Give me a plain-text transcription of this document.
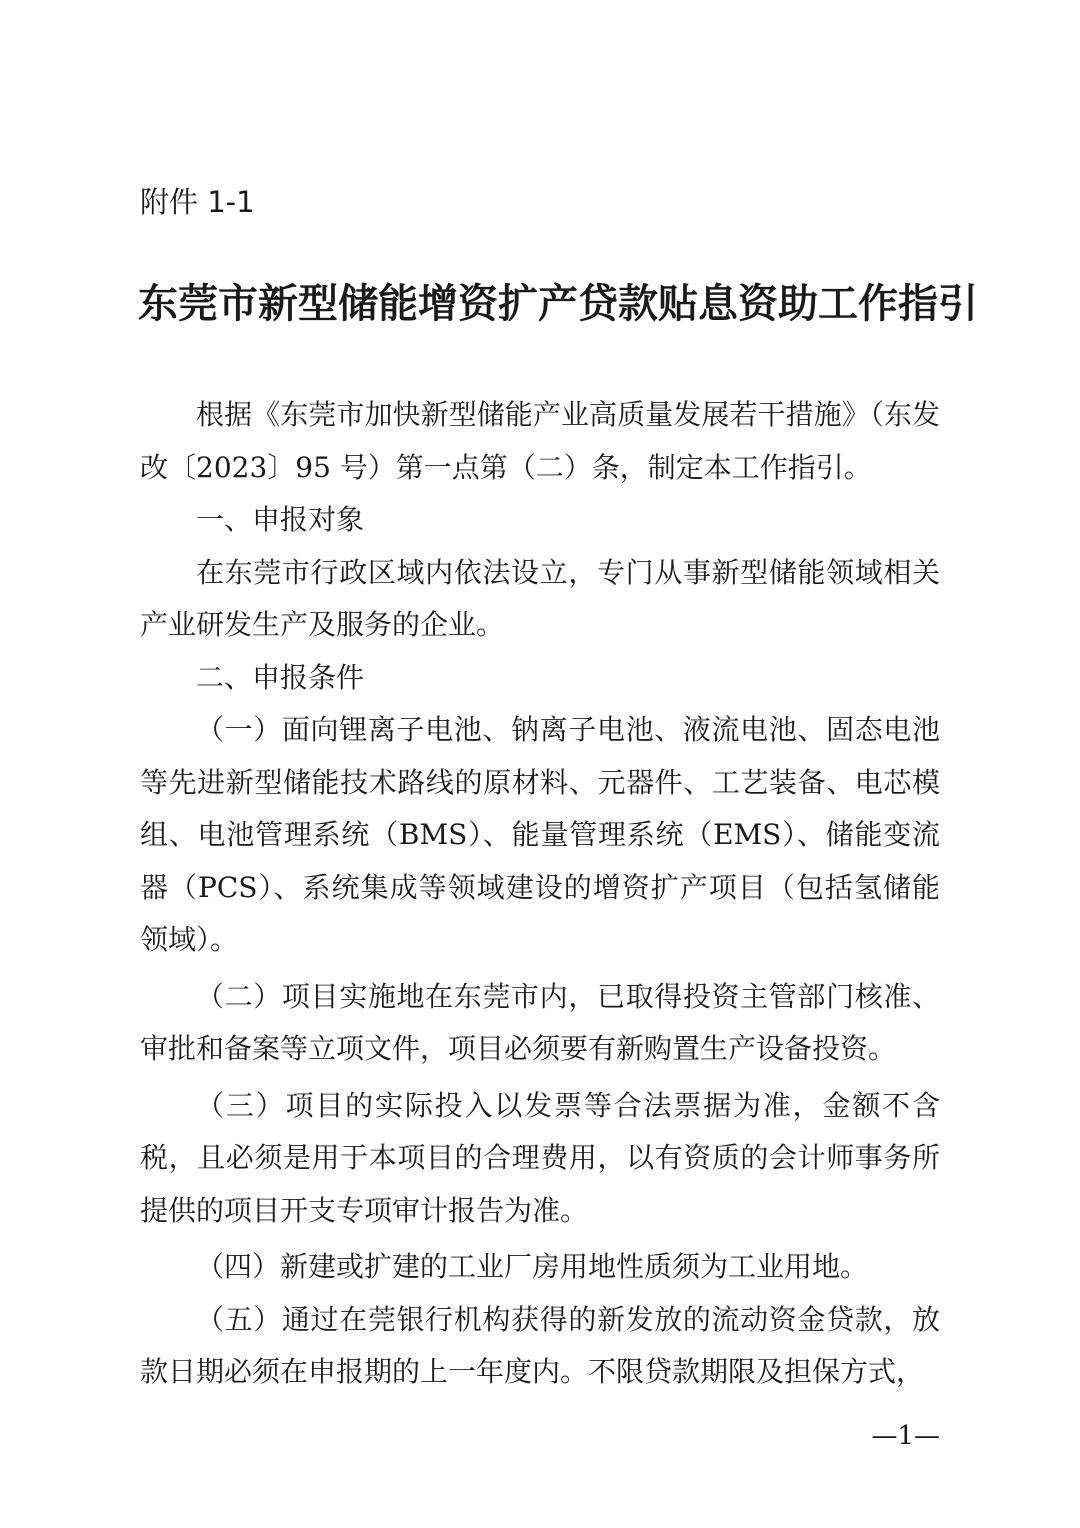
附件 1-1

东莞市新型储能增资扩产贷款贴息资助工作指引

根据《东莞市加快新型储能产业高质量发展若干措施》（东发改〔2023〕95 号）第一点第（二）条，制定本工作指引。

一、申报对象

在东莞市行政区域内依法设立，专门从事新型储能领域相关产业研发生产及服务的企业。

二、申报条件

（一）面向锂离子电池、钠离子电池、液流电池、固态电池等先进新型储能技术路线的原材料、元器件、工艺装备、电芯模组、电池管理系统（BMS）、能量管理系统（EMS）、储能变流器（PCS）、系统集成等领域建设的增资扩产项目（包括氢储能领域）。

（二）项目实施地在东莞市内，已取得投资主管部门核准、审批和备案等立项文件，项目必须要有新购置生产设备投资。

（三）项目的实际投入以发票等合法票据为准，金额不含税，且必须是用于本项目的合理费用，以有资质的会计师事务所提供的项目开支专项审计报告为准。

（四）新建或扩建的工业厂房用地性质须为工业用地。

（五）通过在莞银行机构获得的新发放的流动资金贷款，放款日期必须在申报期的上一年度内。不限贷款期限及担保方式，

—1—
